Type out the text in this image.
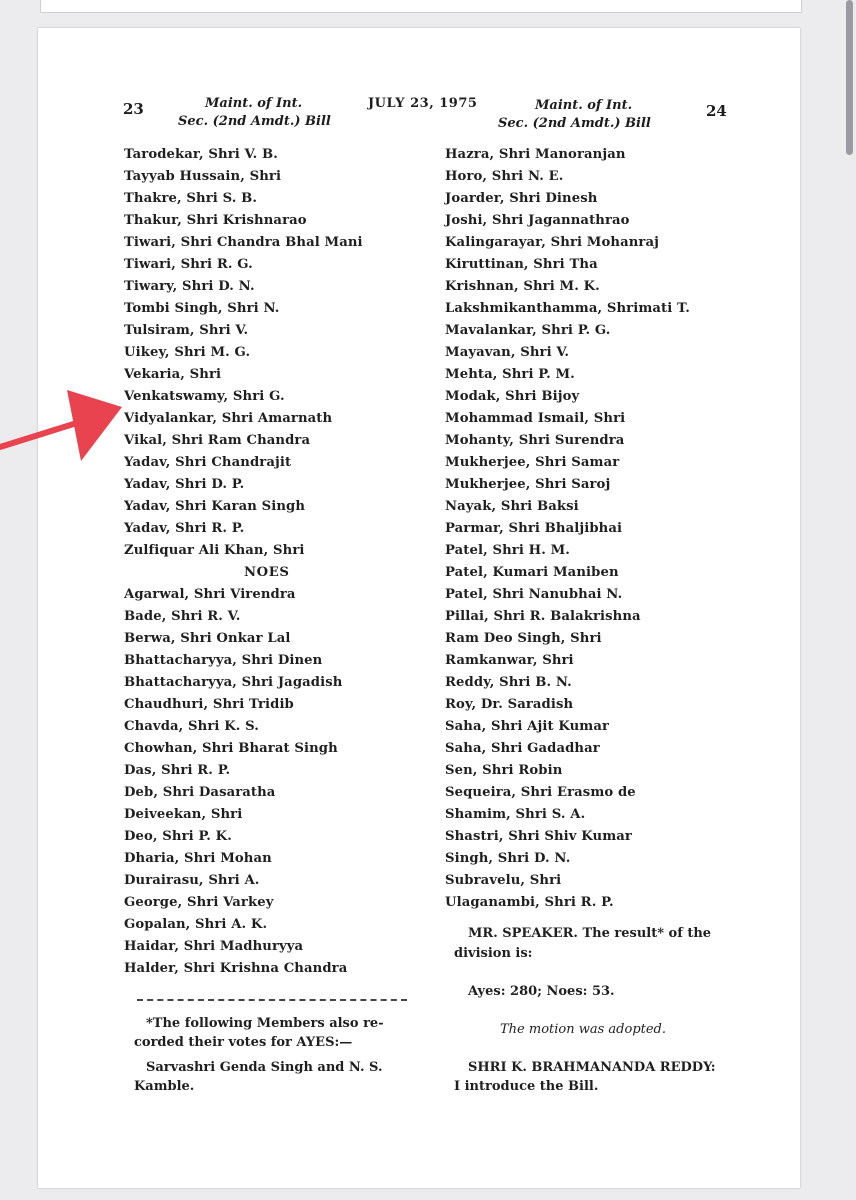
23	Maint. of Int.
Sec. (2nd Amdt.) Bill
JULY 23, 1975	Maint. of Int.
Sec. (2nd Amdt.) Bill
24
Tarodekar, Shri V. B.
Tayyab Hussain, Shri
Thakre, Shri S. B.
Thakur, Shri Krishnarao
Tiwari, Shri Chandra Bhal Mani
Tiwari, Shri R. G.
Tiwary, Shri D. N.
Tombi Singh, Shri N.
Tulsiram, Shri V.
Uikey, Shri M. G.
Vekaria, Shri
Venkatswamy, Shri G.
Vidyalankar, Shri Amarnath
Vikal, Shri Ram Chandra
Yadav, Shri Chandrajit
Yadav, Shri D. P.
Yadav, Shri Karan Singh
Yadav, Shri R. P.
Zulfiquar Ali Khan, Shri
NOES
Agarwal, Shri Virendra
Bade, Shri R. V.
Berwa, Shri Onkar Lal
Bhattacharyya, Shri Dinen
Bhattacharyya, Shri Jagadish
Chaudhuri, Shri Tridib
Chavda, Shri K. S.
Chowhan, Shri Bharat Singh
Das, Shri R. P.
Deb, Shri Dasaratha
Deiveekan, Shri
Deo, Shri P. K.
Dharia, Shri Mohan
Durairasu, Shri A.
George, Shri Varkey
Gopalan, Shri A. K.
Haidar, Shri Madhuryya
Halder, Shri Krishna Chandra
Hazra, Shri Manoranjan
Horo, Shri N. E.
Joarder, Shri Dinesh
Joshi, Shri Jagannathrao
Kalingarayar, Shri Mohanraj
Kiruttinan, Shri Tha
Krishnan, Shri M. K.
Lakshmikanthamma, Shrimati T.
Mavalankar, Shri P. G.
Mayavan, Shri V.
Mehta, Shri P. M.
Modak, Shri Bijoy
Mohammad Ismail, Shri
Mohanty, Shri Surendra
Mukherjee, Shri Samar
Mukherjee, Shri Saroj
Nayak, Shri Baksi
Parmar, Shri Bhaljibhai
Patel, Shri H. M.
Patel, Kumari Maniben
Patel, Shri Nanubhai N.
Pillai, Shri R. Balakrishna
Ram Deo Singh, Shri
Ramkanwar, Shri
Reddy, Shri B. N.
Roy, Dr. Saradish
Saha, Shri Ajit Kumar
Saha, Shri Gadadhar
Sen, Shri Robin
Sequeira, Shri Erasmo de
Shamim, Shri S. A.
Shastri, Shri Shiv Kumar
Singh, Shri D. N.
Subravelu, Shri
Ulaganambi, Shri R. P.
*The following Members also re-
corded their votes for AYES:—
Sarvashri Genda Singh and N. S.
Kamble.
MR. SPEAKER. The result* of the
division is:
Ayes: 280; Noes: 53.
The motion was adopted.
SHRI K. BRAHMANANDA REDDY:
I introduce the Bill.
